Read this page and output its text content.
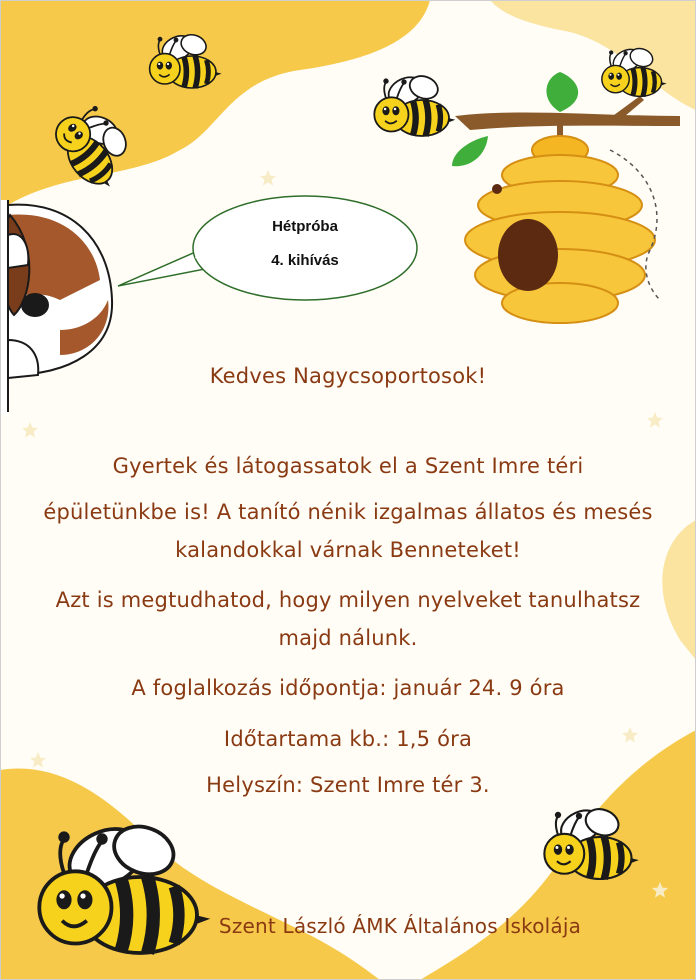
Hétpróba
4. kihívás
Kedves Nagycsoportosok!
Gyertek és látogassatok el a Szent Imre téri
épületünkbe is! A tanító nénik izgalmas állatos és mesés
kalandokkal várnak Benneteket!
Azt is megtudhatod, hogy milyen nyelveket tanulhatsz
majd nálunk.
A foglalkozás időpontja: január 24. 9 óra
Időtartama kb.: 1,5 óra
Helyszín: Szent Imre tér 3.
Szent László ÁMK Általános Iskolája
